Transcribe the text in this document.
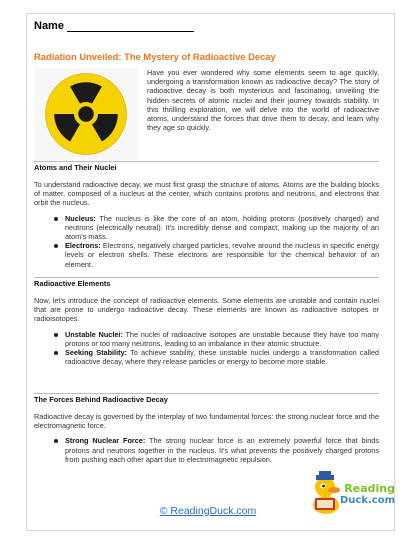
Name
Radiation Unveiled: The Mystery of Radioactive Decay

Have you ever wondered why some elements seem to age quickly, undergoing a transformation known as radioactive decay? The story of radioactive decay is both mysterious and fascinating, unveiling the hidden secrets of atomic nuclei and their journey towards stability. In this thrilling exploration, we will delve into the world of radioactive atoms, understand the forces that drive them to decay, and learn why they age so quickly.

Atoms and Their Nuclei

To understand radioactive decay, we must first grasp the structure of atoms. Atoms are the building blocks of matter, composed of a nucleus at the center, which contains protons and neutrons, and electrons that orbit the nucleus.

Nucleus: The nucleus is like the core of an atom, holding protons (positively charged) and neutrons (electrically neutral). It's incredibly dense and compact, making up the majority of an atom's mass.
Electrons: Electrons, negatively charged particles, revolve around the nucleus in specific energy levels or electron shells. These electrons are responsible for the chemical behavior of an element.

Radioactive Elements

Now, let's introduce the concept of radioactive elements. Some elements are unstable and contain nuclei that are prone to undergo radioactive decay. These elements are known as radioactive isotopes or radioisotopes.

Unstable Nuclei: The nuclei of radioactive isotopes are unstable because they have too many protons or too many neutrons, leading to an imbalance in their atomic structure.
Seeking Stability: To achieve stability, these unstable nuclei undergo a transformation called radioactive decay, where they release particles or energy to become more stable.

The Forces Behind Radioactive Decay

Radioactive decay is governed by the interplay of two fundamental forces: the strong nuclear force and the electromagnetic force.

Strong Nuclear Force: The strong nuclear force is an extremely powerful force that binds protons and neutrons together in the nucleus. It's what prevents the positively charged protons from pushing each other apart due to electromagnetic repulsion.
© ReadingDuck.com
Reading
Duck.com
